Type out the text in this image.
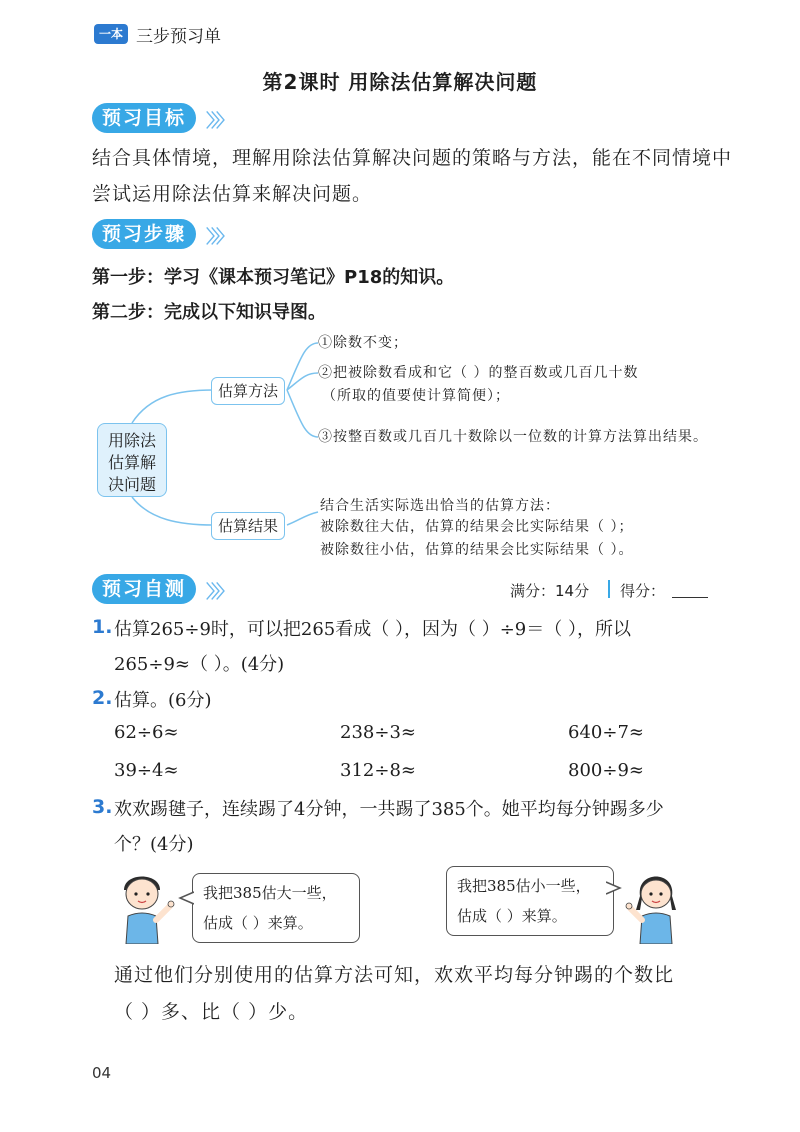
一本 三步预习单
第2课时 用除法估算解决问题
预习目标	〉〉〉
结合具体情境，理解用除法估算解决问题的策略与方法，能在不同情境中
尝试运用除法估算来解决问题。
预习步骤	〉〉〉
第一步：学习《课本预习笔记》P18的知识。
第二步：完成以下知识导图。
用除法
估算解
决问题
估算方法
估算结果
①除数不变；
②把被除数看成和它（ ）的整百数或几百几十数
（所取的值要使计算简便）；
③按整百数或几百几十数除以一位数的计算方法算出结果。
结合生活实际选出恰当的估算方法：
被除数往大估，估算的结果会比实际结果（ ）；
被除数往小估，估算的结果会比实际结果（ ）。
预习自测	〉〉〉	满分：14分 得分：
1. 估算265÷9时，可以把265看成（ ），因为（ ）÷9＝（ ），所以
265÷9≈（ ）。(4分)
2. 估算。(6分)
62÷6≈	238÷3≈	640÷7≈
39÷4≈	312÷8≈	800÷9≈
3. 欢欢踢毽子，连续踢了4分钟，一共踢了385个。她平均每分钟踢多少
个？(4分)
我把385估大一些，
估成（ ）来算。
我把385估小一些，
估成（ ）来算。
通过他们分别使用的估算方法可知，欢欢平均每分钟踢的个数比
（ ）多、比（ ）少。
04
